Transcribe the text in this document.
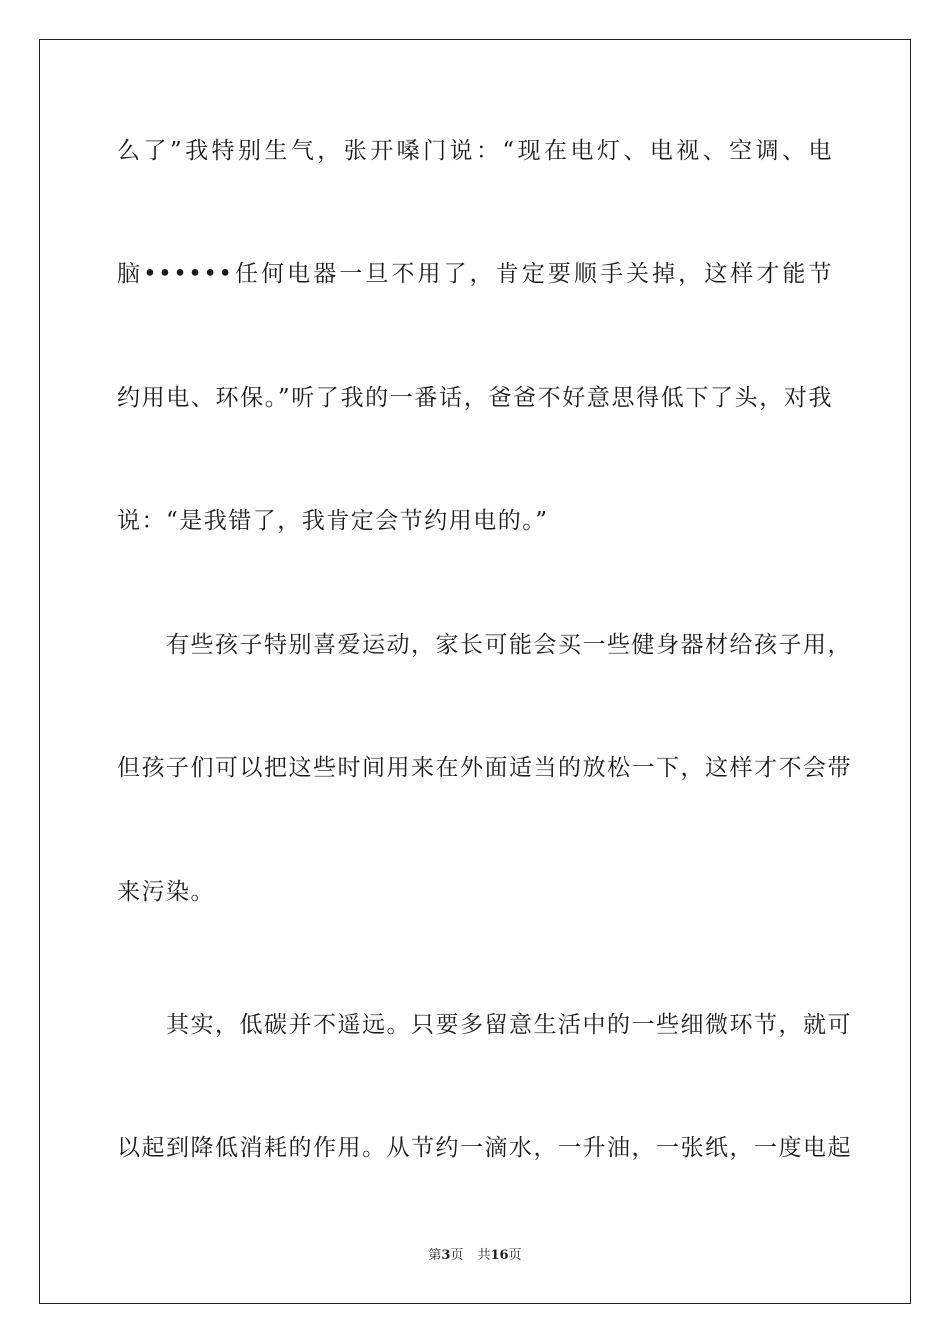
么了”我特别生气，张开嗓门说：“现在电灯、电视、空调、电
脑••••••任何电器一旦不用了，肯定要顺手关掉，这样才能节
约用电、环保。”听了我的一番话，爸爸不好意思得低下了头，对我
说：“是我错了，我肯定会节约用电的。”
　　有些孩子特别喜爱运动，家长可能会买一些健身器材给孩子用，
但孩子们可以把这些时间用来在外面适当的放松一下，这样才不会带
来污染。
　　其实，低碳并不遥远。只要多留意生活中的一些细微环节，就可
以起到降低消耗的作用。从节约一滴水，一升油，一张纸，一度电起
第3页 共16页
